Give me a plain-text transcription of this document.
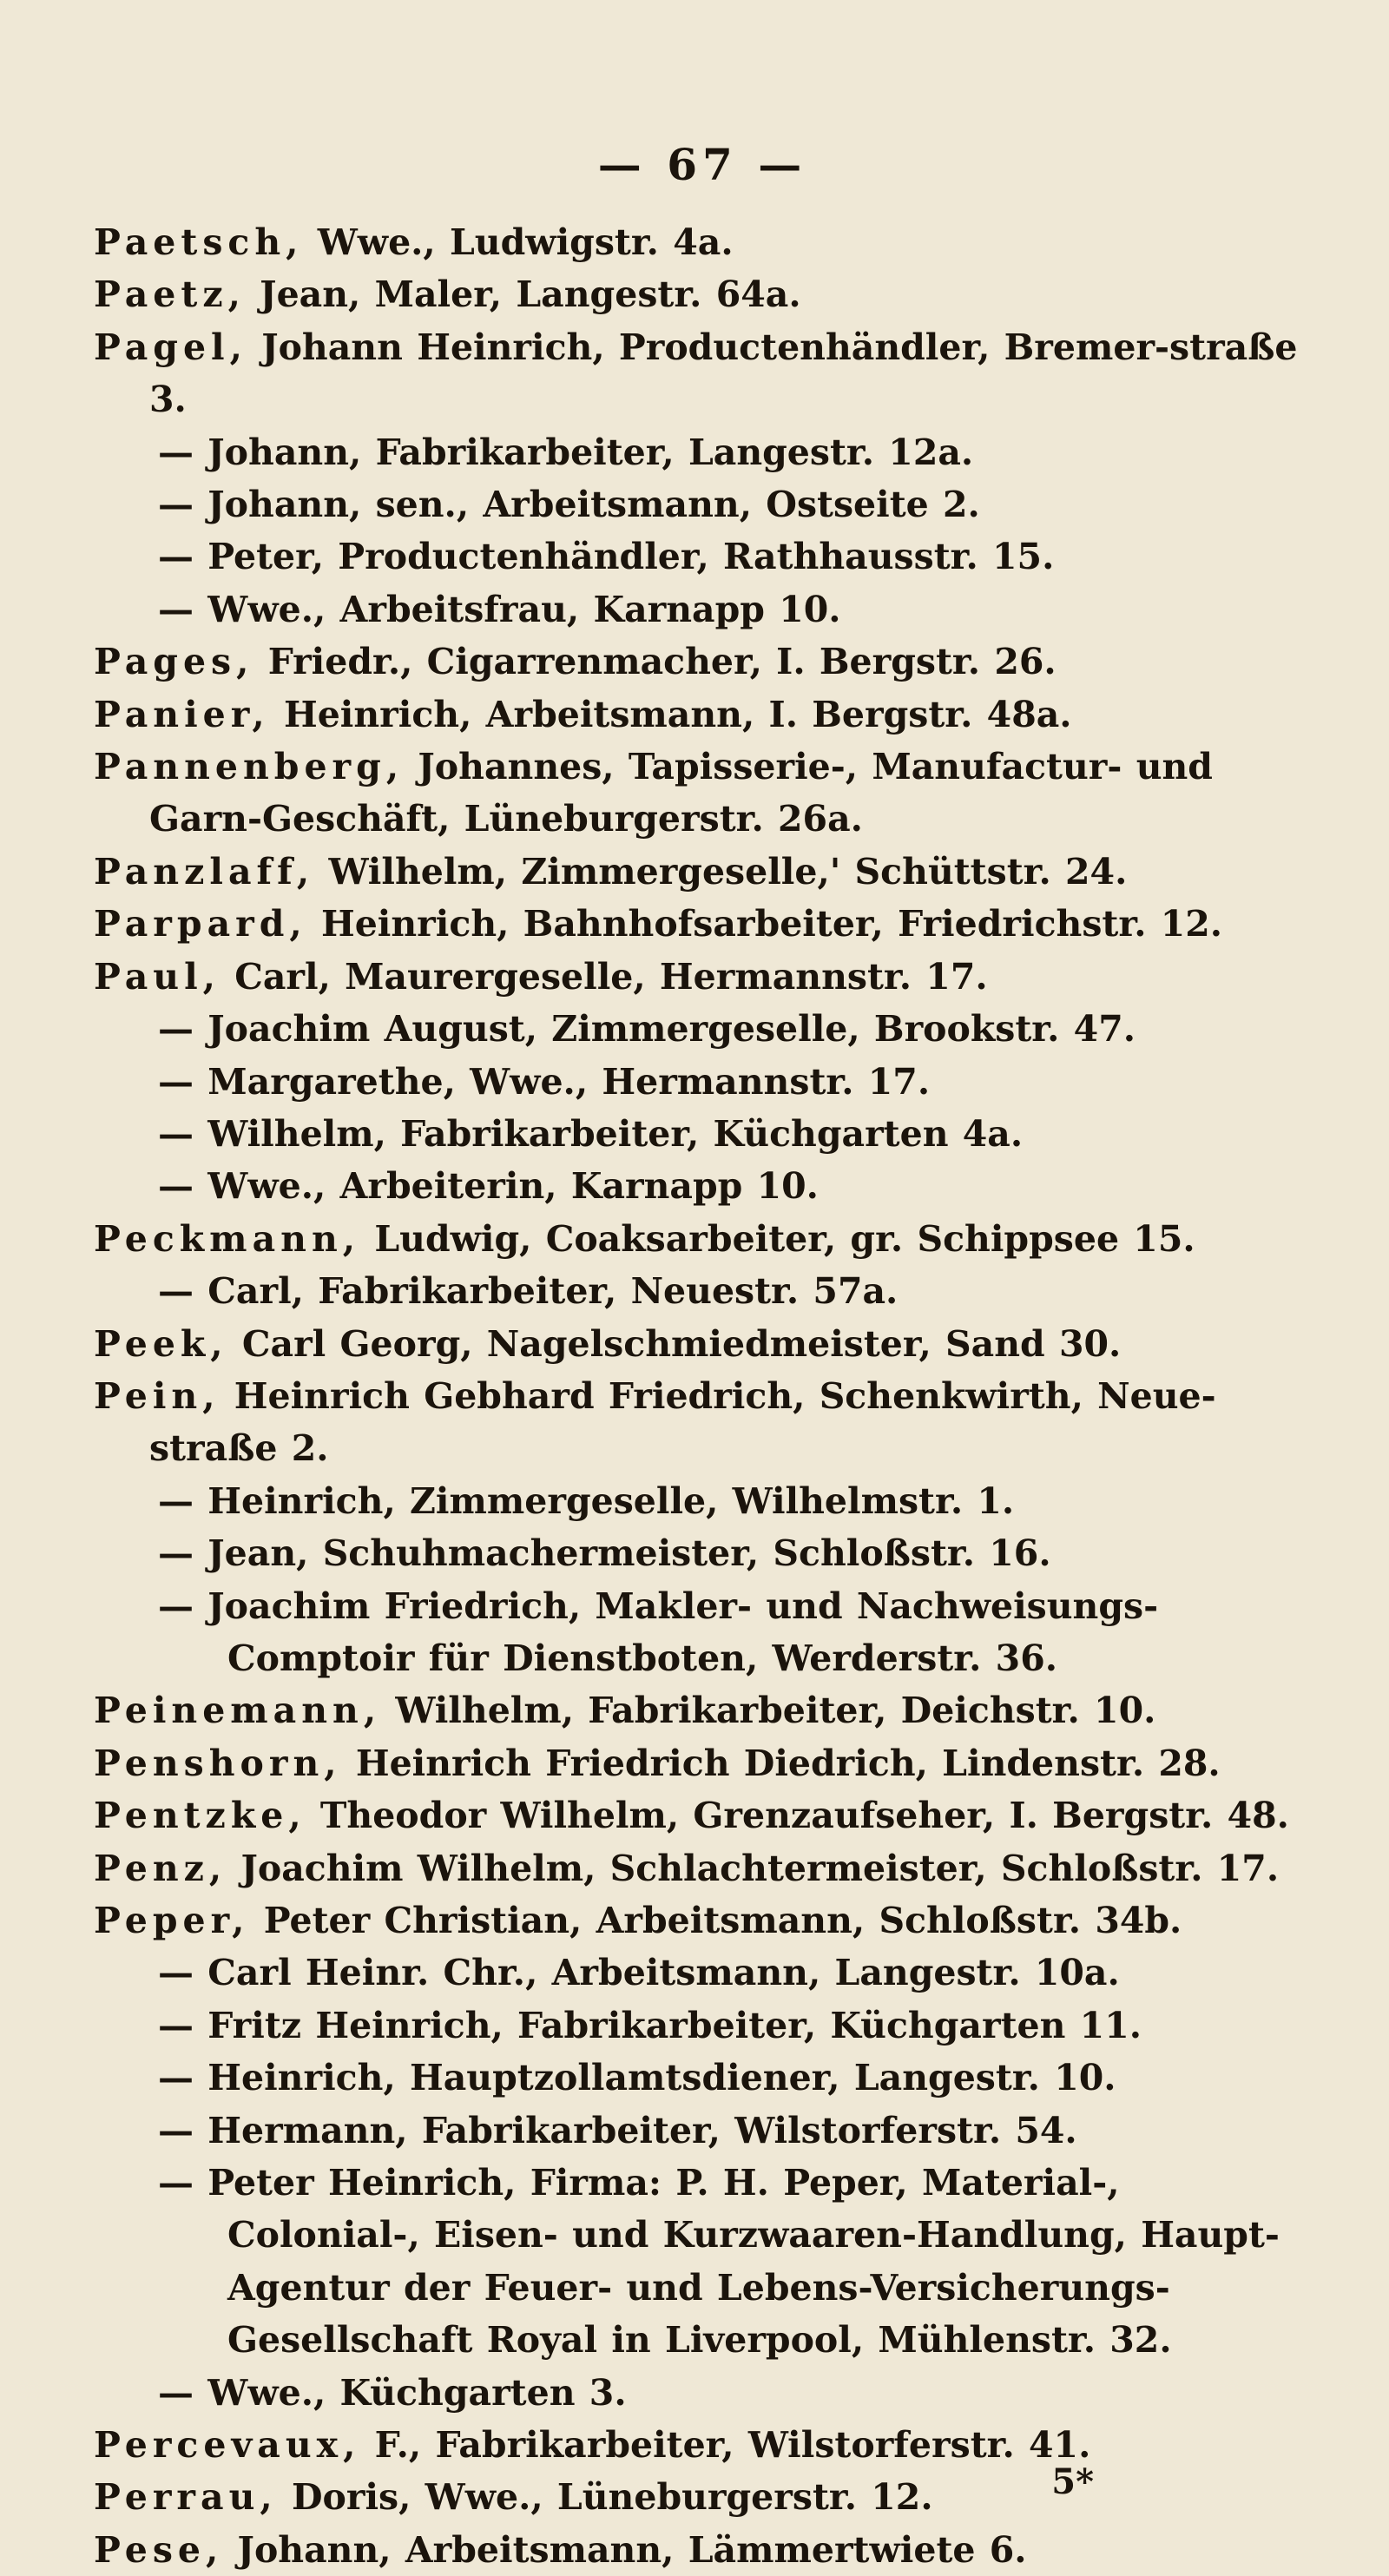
— 67 —
Paetsch, Wwe., Ludwigstr. 4a.
Paetz, Jean, Maler, Langestr. 64a.
Pagel, Johann Heinrich, Productenhändler, Bremer-straße 3.
— Johann, Fabrikarbeiter, Langestr. 12a.
— Johann, sen., Arbeitsmann, Ostseite 2.
— Peter, Productenhändler, Rathhausstr. 15.
— Wwe., Arbeitsfrau, Karnapp 10.
Pages, Friedr., Cigarrenmacher, I. Bergstr. 26.
Panier, Heinrich, Arbeitsmann, I. Bergstr. 48a.
Pannenberg, Johannes, Tapisserie-, Manufactur- und Garn-Geschäft, Lüneburgerstr. 26a.
Panzlaff, Wilhelm, Zimmergeselle,' Schüttstr. 24.
Parpard, Heinrich, Bahnhofsarbeiter, Friedrichstr. 12.
Paul, Carl, Maurergeselle, Hermannstr. 17.
— Joachim August, Zimmergeselle, Brookstr. 47.
— Margarethe, Wwe., Hermannstr. 17.
— Wilhelm, Fabrikarbeiter, Küchgarten 4a.
— Wwe., Arbeiterin, Karnapp 10.
Peckmann, Ludwig, Coaksarbeiter, gr. Schippsee 15.
— Carl, Fabrikarbeiter, Neuestr. 57a.
Peek, Carl Georg, Nagelschmiedmeister, Sand 30.
Pein, Heinrich Gebhard Friedrich, Schenkwirth, Neue-straße 2.
— Heinrich, Zimmergeselle, Wilhelmstr. 1.
— Jean, Schuhmachermeister, Schloßstr. 16.
— Joachim Friedrich, Makler- und Nachweisungs-Comptoir für Dienstboten, Werderstr. 36.
Peinemann, Wilhelm, Fabrikarbeiter, Deichstr. 10.
Penshorn, Heinrich Friedrich Diedrich, Lindenstr. 28.
Pentzke, Theodor Wilhelm, Grenzaufseher, I. Bergstr. 48.
Penz, Joachim Wilhelm, Schlachtermeister, Schloßstr. 17.
Peper, Peter Christian, Arbeitsmann, Schloßstr. 34b.
— Carl Heinr. Chr., Arbeitsmann, Langestr. 10a.
— Fritz Heinrich, Fabrikarbeiter, Küchgarten 11.
— Heinrich, Hauptzollamtsdiener, Langestr. 10.
— Hermann, Fabrikarbeiter, Wilstorferstr. 54.
— Peter Heinrich, Firma: P. H. Peper, Material-, Colonial-, Eisen- und Kurzwaaren-Handlung, Haupt-Agentur der Feuer- und Lebens-Versicherungs-Gesellschaft Royal in Liverpool, Mühlenstr. 32.
— Wwe., Küchgarten 3.
Percevaux, F., Fabrikarbeiter, Wilstorferstr. 41.
Perrau, Doris, Wwe., Lüneburgerstr. 12.
Pese, Johann, Arbeitsmann, Lämmertwiete 6.
5*
